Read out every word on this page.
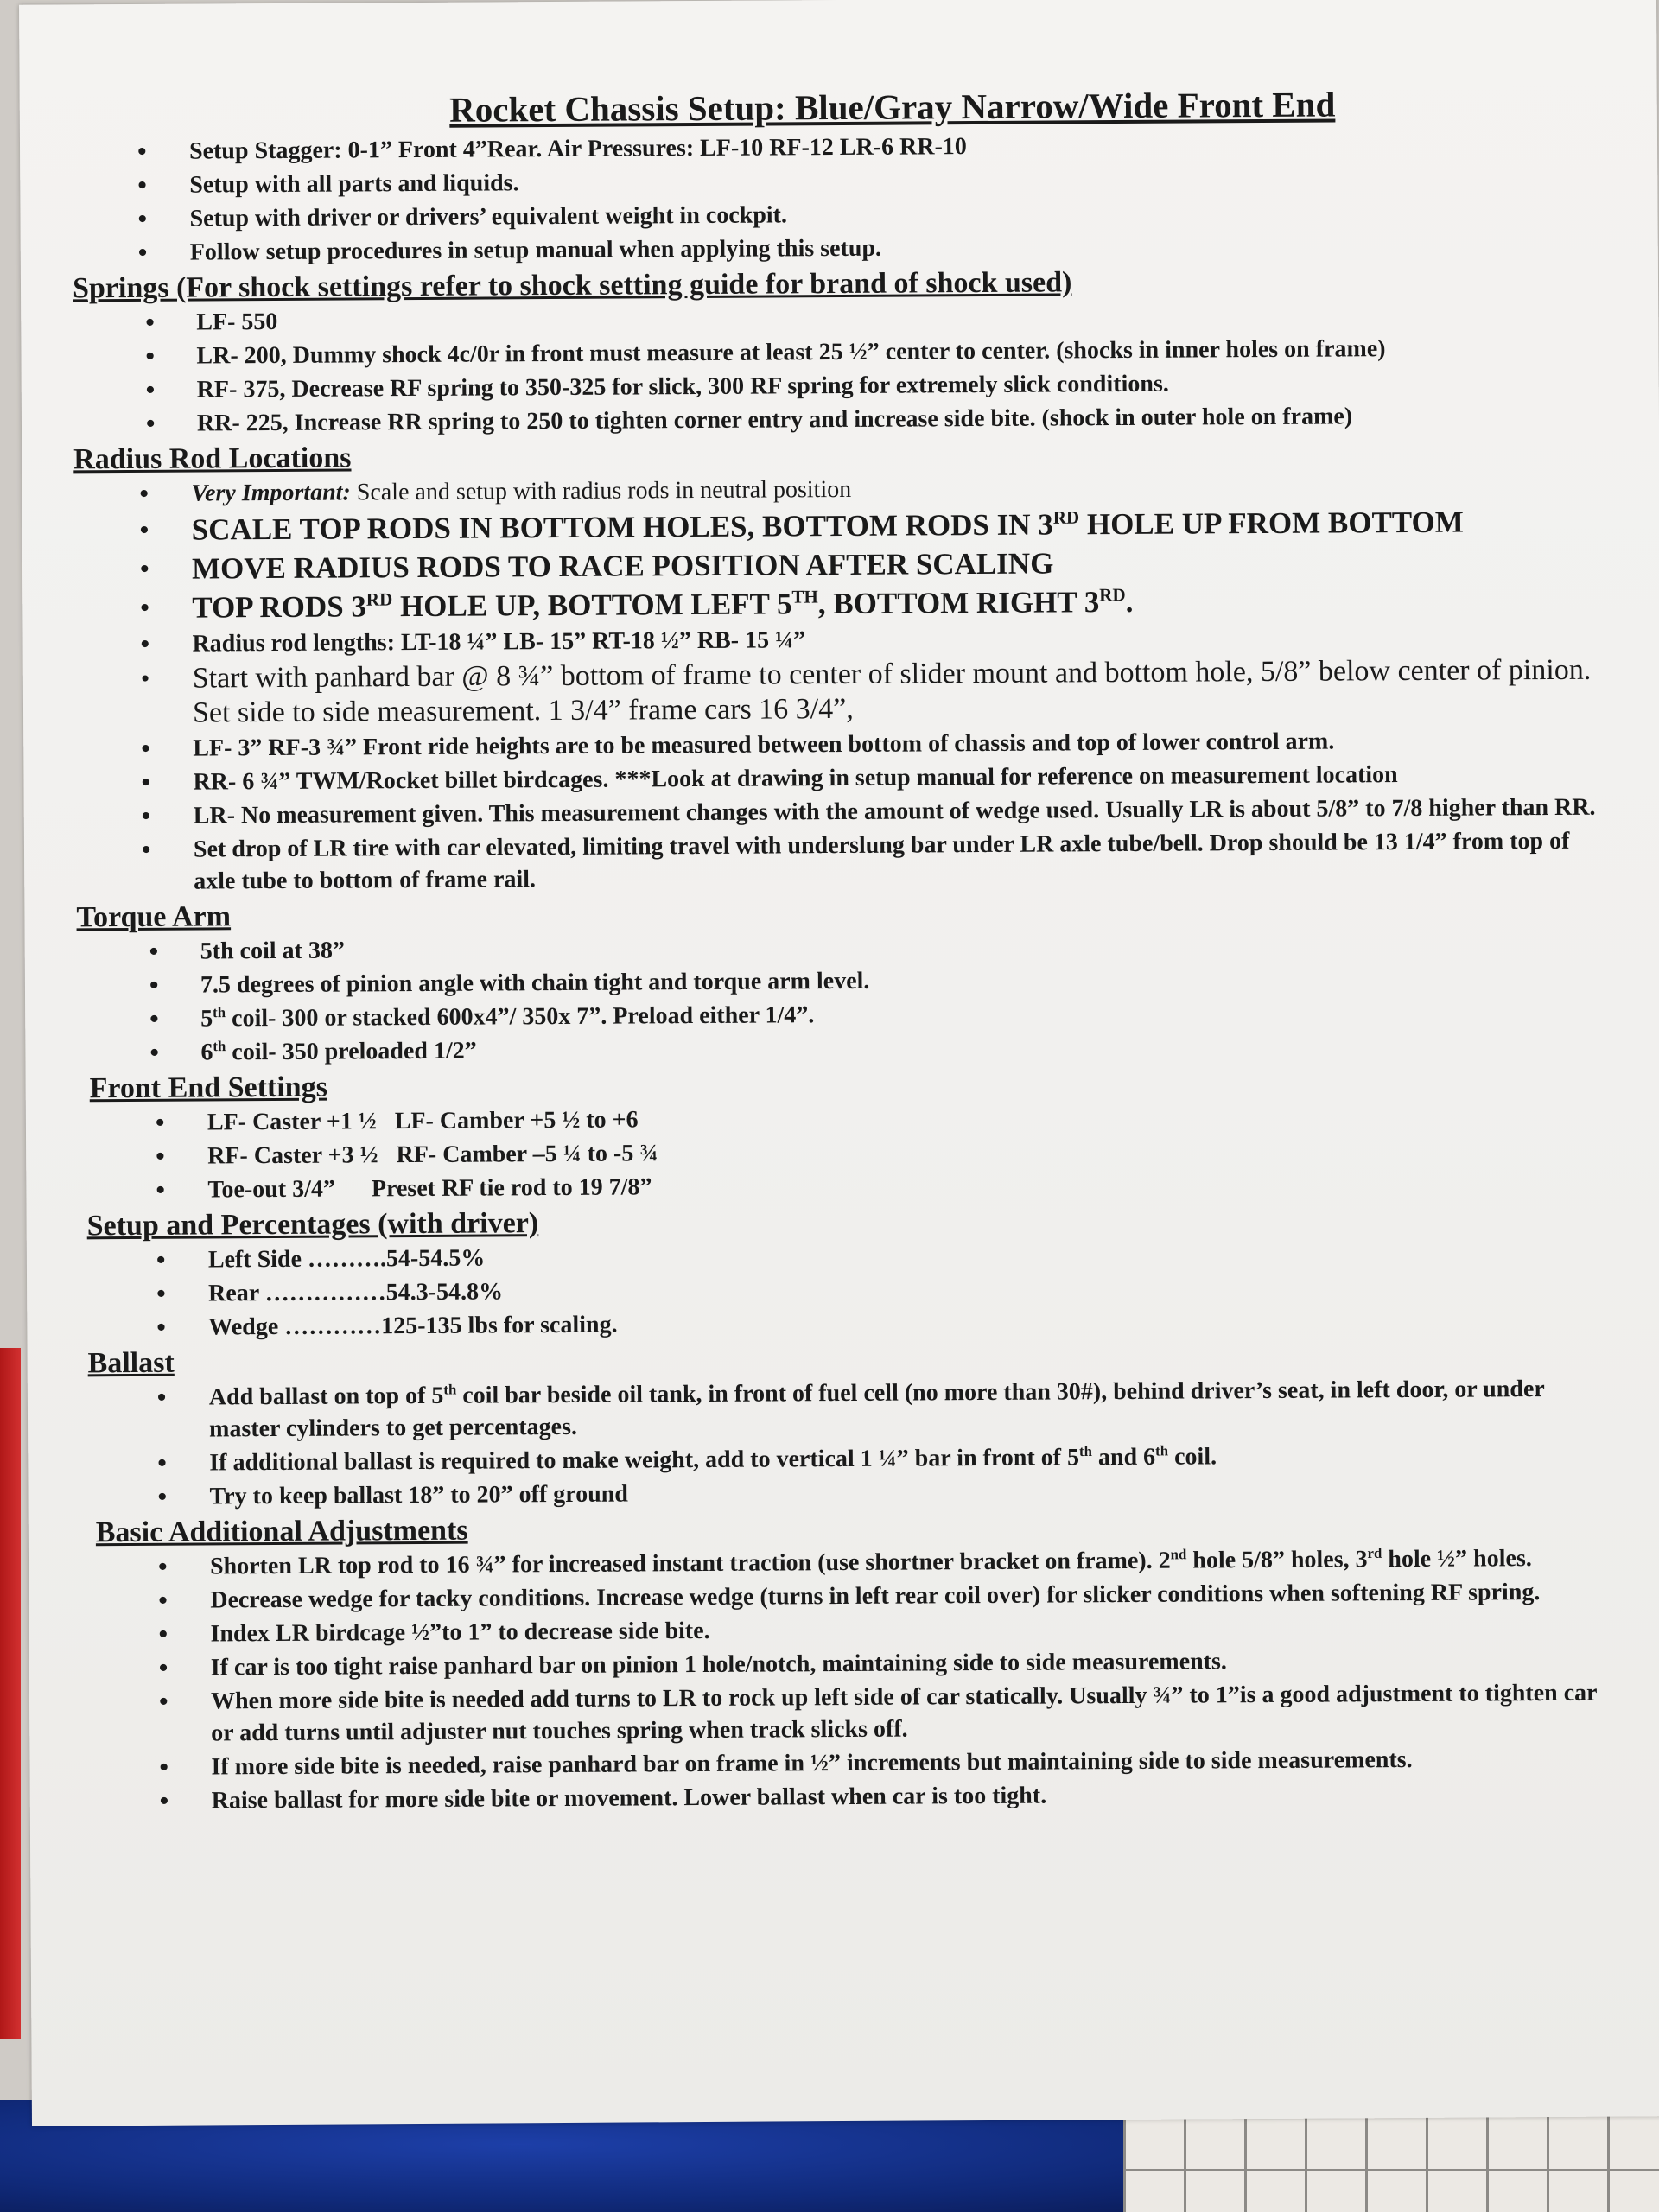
Rocket Chassis Setup: Blue/Gray Narrow/Wide Front End
• Setup Stagger: 0-1” Front 4”Rear. Air Pressures: LF-10 RF-12 LR-6 RR-10
• Setup with all parts and liquids.
• Setup with driver or drivers’ equivalent weight in cockpit.
• Follow setup procedures in setup manual when applying this setup.
Springs (For shock settings refer to shock setting guide for brand of shock used)
• LF- 550
• LR- 200, Dummy shock 4c/0r in front must measure at least 25 ½” center to center. (shocks in inner holes on frame)
• RF- 375, Decrease RF spring to 350-325 for slick, 300 RF spring for extremely slick conditions.
• RR- 225, Increase RR spring to 250 to tighten corner entry and increase side bite. (shock in outer hole on frame)
Radius Rod Locations
• Very Important: Scale and setup with radius rods in neutral position
• SCALE TOP RODS IN BOTTOM HOLES, BOTTOM RODS IN 3RD HOLE UP FROM BOTTOM
• MOVE RADIUS RODS TO RACE POSITION AFTER SCALING
• TOP RODS 3RD HOLE UP, BOTTOM LEFT 5TH, BOTTOM RIGHT 3RD.
• Radius rod lengths: LT-18 ¼” LB- 15” RT-18 ½” RB- 15 ¼”
• Start with panhard bar @ 8 ¾” bottom of frame to center of slider mount and bottom hole, 5/8” below center of pinion. Set side to side measurement. 1 3/4” frame cars 16 3/4”,
• LF- 3” RF-3 ¾” Front ride heights are to be measured between bottom of chassis and top of lower control arm.
• RR- 6 ¾” TWM/Rocket billet birdcages. ***Look at drawing in setup manual for reference on measurement location
• LR- No measurement given. This measurement changes with the amount of wedge used. Usually LR is about 5/8” to 7/8 higher than RR.
• Set drop of LR tire with car elevated, limiting travel with underslung bar under LR axle tube/bell. Drop should be 13 1/4” from top of axle tube to bottom of frame rail.
Torque Arm
• 5th coil at 38”
• 7.5 degrees of pinion angle with chain tight and torque arm level.
• 5th coil- 300 or stacked 600x4”/ 350x 7”. Preload either 1/4”.
• 6th coil- 350 preloaded 1/2”
Front End Settings
• LF- Caster +1 ½   LF- Camber +5 ½ to +6
• RF- Caster +3 ½   RF- Camber –5 ¼ to -5 ¾
• Toe-out 3/4”      Preset RF tie rod to 19 7/8”
Setup and Percentages (with driver)
• Left Side ……….54-54.5%
• Rear ……………54.3-54.8%
• Wedge …………125-135 lbs for scaling.
Ballast
• Add ballast on top of 5th coil bar beside oil tank, in front of fuel cell (no more than 30#), behind driver’s seat, in left door, or under master cylinders to get percentages.
• If additional ballast is required to make weight, add to vertical 1 ¼” bar in front of 5th and 6th coil.
• Try to keep ballast 18” to 20” off ground
Basic Additional Adjustments
• Shorten LR top rod to 16 ¾” for increased instant traction (use shortner bracket on frame). 2nd hole 5/8” holes, 3rd hole ½” holes.
• Decrease wedge for tacky conditions. Increase wedge (turns in left rear coil over) for slicker conditions when softening RF spring.
• Index LR birdcage ½”to 1” to decrease side bite.
• If car is too tight raise panhard bar on pinion 1 hole/notch, maintaining side to side measurements.
• When more side bite is needed add turns to LR to rock up left side of car statically. Usually ¾” to 1”is a good adjustment to tighten car or add turns until adjuster nut touches spring when track slicks off.
• If more side bite is needed, raise panhard bar on frame in ½” increments but maintaining side to side measurements.
• Raise ballast for more side bite or movement. Lower ballast when car is too tight.
